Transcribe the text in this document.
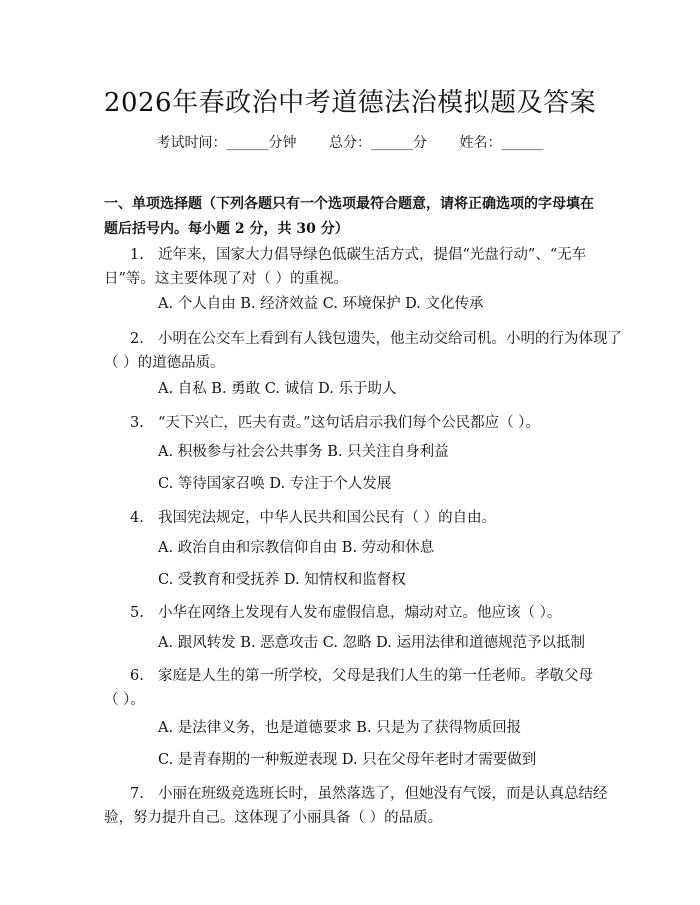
2026年春政治中考道德法治模拟题及答案
考试时间：______分钟 总分：______分 姓名：______
一、单项选择题（下列各题只有一个选项最符合题意，请将正确选项的字母填在
题后括号内。每小题 2 分，共 30 分）
1. 近年来，国家大力倡导绿色低碳生活方式，提倡“光盘行动”、“无车
日”等。这主要体现了对（ ）的重视。
A. 个人自由 B. 经济效益 C. 环境保护 D. 文化传承
2. 小明在公交车上看到有人钱包遗失，他主动交给司机。小明的行为体现了
（ ）的道德品质。
A. 自私 B. 勇敢 C. 诚信 D. 乐于助人
3. “天下兴亡，匹夫有责。”这句话启示我们每个公民都应（ ）。
A. 积极参与社会公共事务 B. 只关注自身利益
C. 等待国家召唤 D. 专注于个人发展
4. 我国宪法规定，中华人民共和国公民有（ ）的自由。
A. 政治自由和宗教信仰自由 B. 劳动和休息
C. 受教育和受抚养 D. 知情权和监督权
5. 小华在网络上发现有人发布虚假信息，煽动对立。他应该（ ）。
A. 跟风转发 B. 恶意攻击 C. 忽略 D. 运用法律和道德规范予以抵制
6. 家庭是人生的第一所学校，父母是我们人生的第一任老师。孝敬父母
（ ）。
A. 是法律义务，也是道德要求 B. 只是为了获得物质回报
C. 是青春期的一种叛逆表现 D. 只在父母年老时才需要做到
7. 小丽在班级竞选班长时，虽然落选了，但她没有气馁，而是认真总结经
验，努力提升自己。这体现了小丽具备（ ）的品质。
